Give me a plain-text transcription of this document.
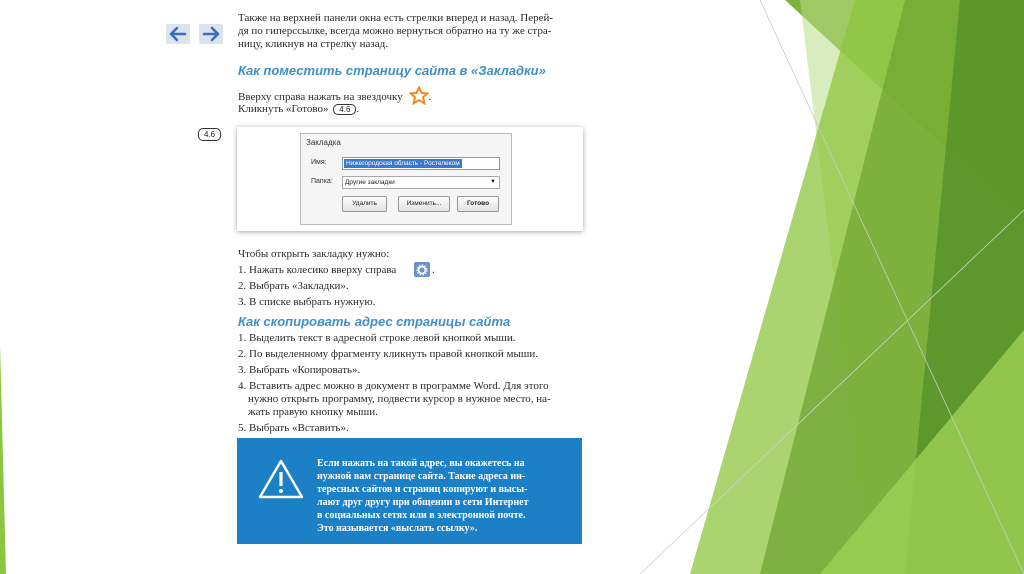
Также на верхней панели окна есть стрелки вперед и назад. Перей-
дя по гиперссылке, всегда можно вернуться обратно на ту же стра-
ницу, кликнув на стрелку назад.
Как поместить страницу сайта в «Закладки»
Вверху справа нажать на звездочку .
Кликнуть «Готово» 4.6 .
4.6
Закладка
Имя:	Нижегородская область - Ростелеком
Папка:	Другие закладки	▼
Удалить	Изменить...	Готово
Чтобы открыть закладку нужно:
1. Нажать колесико вверху справа	.
2. Выбрать «Закладки».
3. В списке выбрать нужную.
Как скопировать адрес страницы сайта
1. Выделить текст в адресной строке левой кнопкой мыши.
2. По выделенному фрагменту кликнуть правой кнопкой мыши.
3. Выбрать «Копировать».
4. Вставить адрес можно в документ в программе Word. Для этого
нужно открыть программу, подвести курсор в нужное место, на-
жать правую кнопку мыши.
5. Выбрать «Вставить».
Если нажать на такой адрес, вы окажетесь на
нужной вам странице сайта. Такие адреса ин-
тересных сайтов и страниц копируют и высы-
лают друг другу при общении в сети Интернет
в социальных сетях или в электронной почте.
Это называется «выслать ссылку».
